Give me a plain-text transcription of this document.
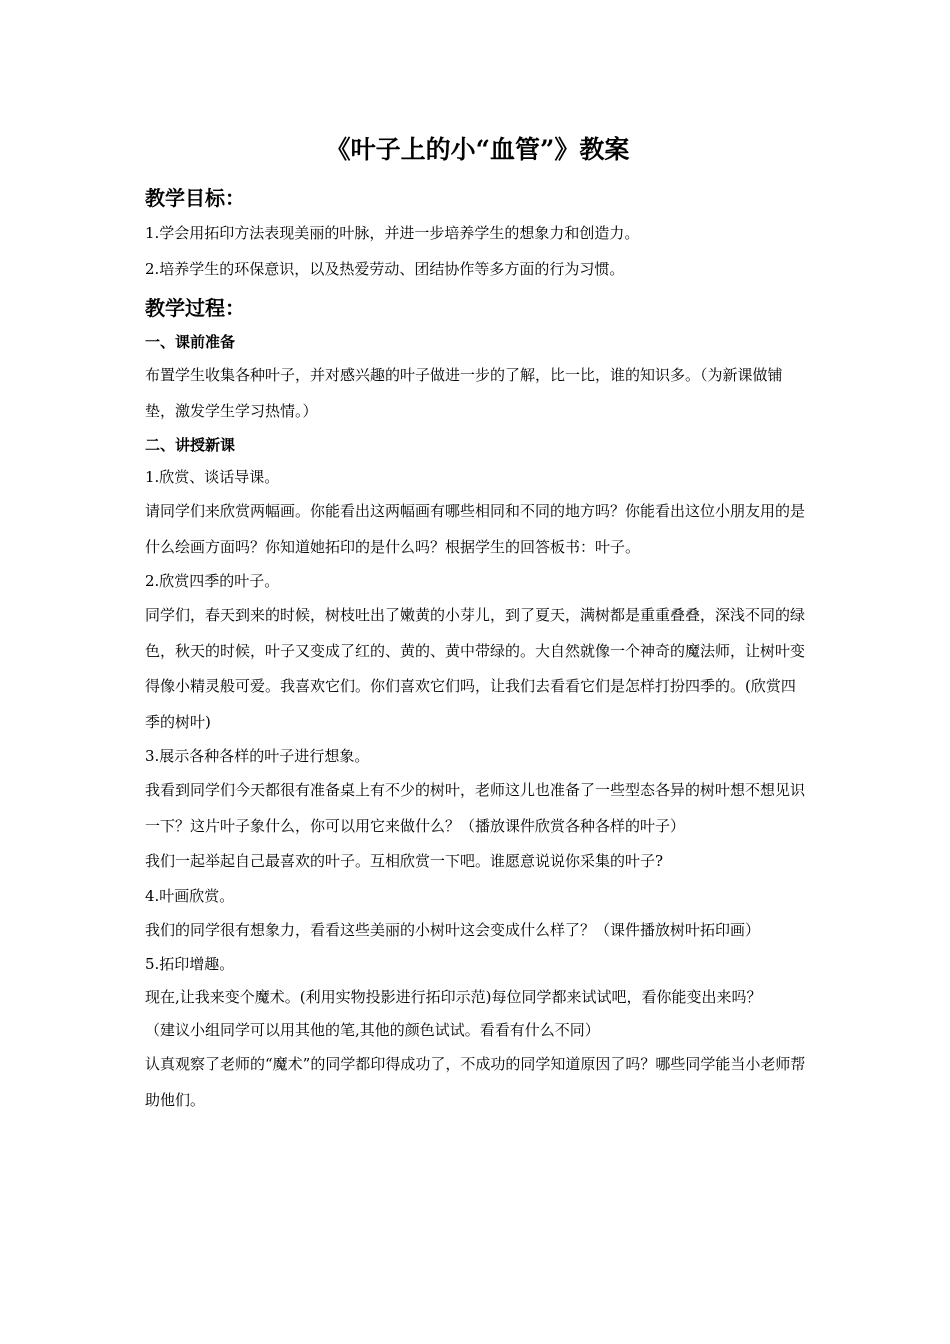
《叶子上的小“血管”》教案
教学目标：
1.学会用拓印方法表现美丽的叶脉，并进一步培养学生的想象力和创造力。
2.培养学生的环保意识，以及热爱劳动、团结协作等多方面的行为习惯。
教学过程：
一、课前准备
布置学生收集各种叶子，并对感兴趣的叶子做进一步的了解，比一比，谁的知识多。（为新课做铺垫，激发学生学习热情。）
二、讲授新课
1.欣赏、谈话导课。
请同学们来欣赏两幅画。你能看出这两幅画有哪些相同和不同的地方吗？你能看出这位小朋友用的是什么绘画方面吗？你知道她拓印的是什么吗？根据学生的回答板书：叶子。
2.欣赏四季的叶子。
同学们，春天到来的时候，树枝吐出了嫩黄的小芽儿，到了夏天，满树都是重重叠叠，深浅不同的绿色，秋天的时候，叶子又变成了红的、黄的、黄中带绿的。大自然就像一个神奇的魔法师，让树叶变得像小精灵般可爱。我喜欢它们。你们喜欢它们吗，让我们去看看它们是怎样打扮四季的。(欣赏四季的树叶)
3.展示各种各样的叶子进行想象。
我看到同学们今天都很有准备桌上有不少的树叶，老师这儿也准备了一些型态各异的树叶想不想见识一下？这片叶子象什么，你可以用它来做什么？（播放课件欣赏各种各样的叶子）
我们一起举起自己最喜欢的叶子。互相欣赏一下吧。谁愿意说说你采集的叶子?
4.叶画欣赏。
我们的同学很有想象力，看看这些美丽的小树叶这会变成什么样了？（课件播放树叶拓印画）
5.拓印增趣。
现在,让我来变个魔术。(利用实物投影进行拓印示范)每位同学都来试试吧，看你能变出来吗？
（建议小组同学可以用其他的笔,其他的颜色试试。看看有什么不同）
认真观察了老师的“魔术”的同学都印得成功了，不成功的同学知道原因了吗？哪些同学能当小老师帮助他们。
